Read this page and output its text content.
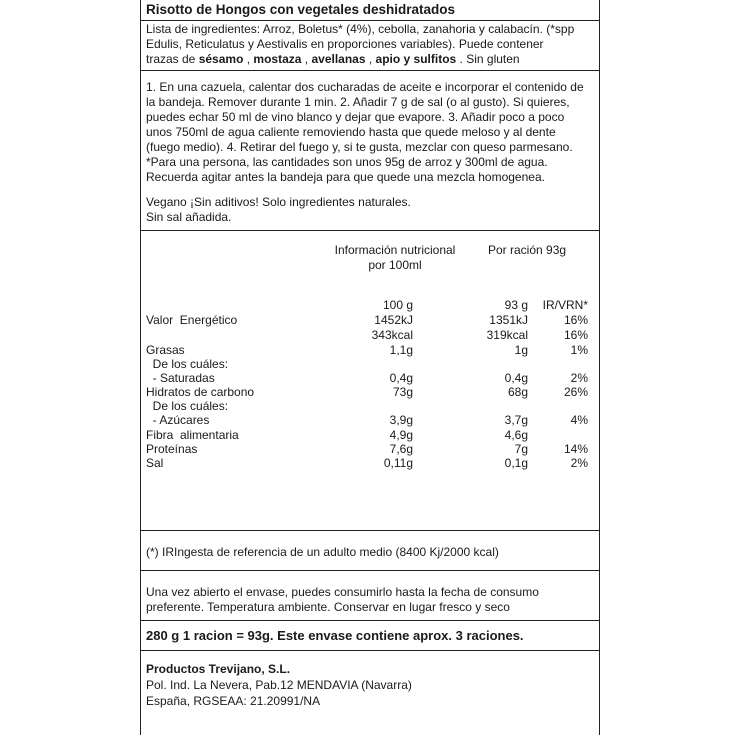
Risotto de Hongos con vegetales deshidratados
Lista de ingredientes: Arroz, Boletus* (4%), cebolla, zanahoria y calabacín. (*spp
Edulis, Reticulatus y Aestivalis en proporciones variables). Puede contener
trazas de sésamo , mostaza , avellanas , apio y sulfitos . Sin gluten
1. En una cazuela, calentar dos cucharadas de aceite e incorporar el contenido de
la bandeja. Remover durante 1 min. 2. Añadir 7 g de sal (o al gusto). Si quieres,
puedes echar 50 ml de vino blanco y dejar que evapore. 3. Añadir poco a poco
unos 750ml de agua caliente removiendo hasta que quede meloso y al dente
(fuego medio). 4. Retirar del fuego y, si te gusta, mezclar con queso parmesano.
*Para una persona, las cantidades son unos 95g de arroz y 300ml de agua.
Recuerda agitar antes la bandeja para que quede una mezcla homogenea.
Vegano ¡Sin aditivos! Solo ingredientes naturales.
Sin sal añadida.
Información nutricional
por 100ml
Por ración 93g
100 g	93 g	IR/VRN*
Valor  Energético	1452kJ	1351kJ	16%
343kcal	319kcal	16%
Grasas	1,1g	1g	1%
De los cuáles:
- Saturadas	0,4g	0,4g	2%
Hidratos de carbono	73g	68g	26%
De los cuáles:
- Azúcares	3,9g	3,7g	4%
Fibra  alimentaria	4,9g	4,6g
Proteínas	7,6g	7g	14%
Sal	0,11g	0,1g	2%
(*) IRIngesta de referencia de un adulto medio (8400 Kj/2000 kcal)
Una vez abierto el envase, puedes consumirlo hasta la fecha de consumo
preferente. Temperatura ambiente. Conservar en lugar fresco y seco
280 g 1 racion = 93g. Este envase contiene aprox. 3 raciones.
Productos Trevijano, S.L.
Pol. Ind. La Nevera, Pab.12 MENDAVIA (Navarra)
España, RGSEAA: 21.20991/NA
